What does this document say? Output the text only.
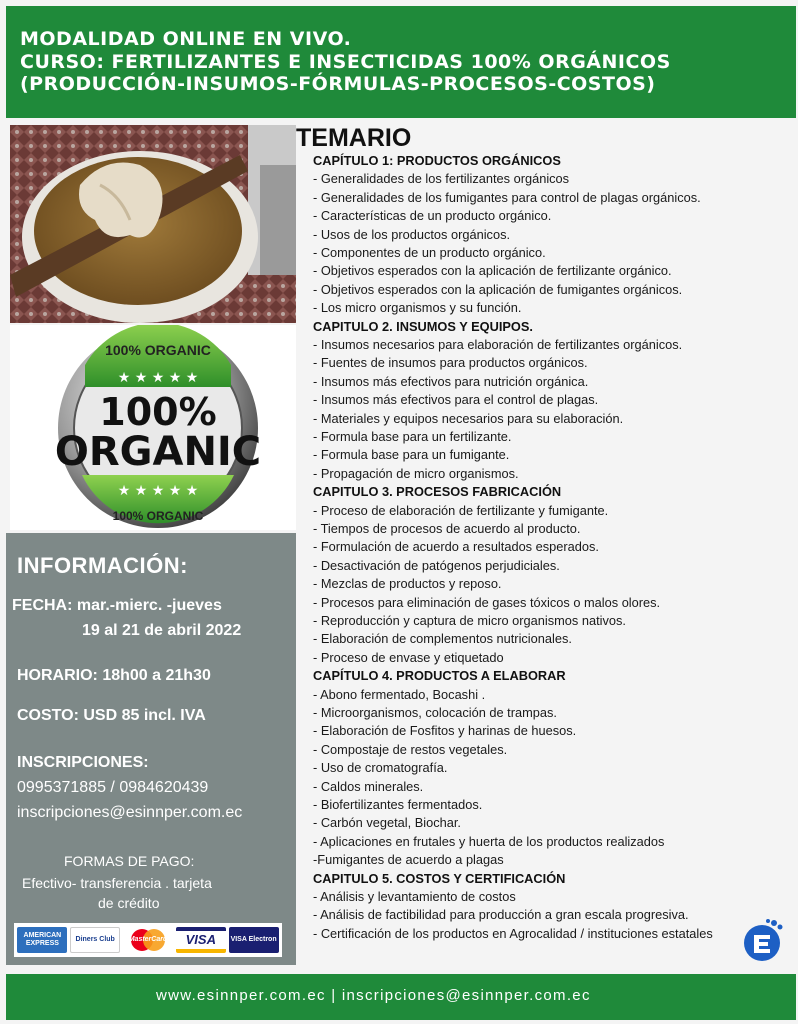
MODALIDAD ONLINE EN VIVO.
CURSO: FERTILIZANTES E INSECTICIDAS 100% ORGÁNICOS
(PRODUCCIÓN-INSUMOS-FÓRMULAS-PROCESOS-COSTOS)
100% ORGANIC
★ ★ ★ ★ ★
100%
ORGANIC
★ ★ ★ ★ ★
100% ORGANIC
TEMARIO
CAPÍTULO 1: PRODUCTOS ORGÁNICOS
- Generalidades de los fertilizantes orgánicos
- Generalidades de los fumigantes para control de plagas orgánicos.
- Características de un producto orgánico.
- Usos de los productos orgánicos.
- Componentes de un producto orgánico.
- Objetivos esperados con la aplicación de fertilizante orgánico.
- Objetivos esperados con la aplicación de fumigantes orgánicos.
- Los micro organismos y su función.
CAPITULO 2. INSUMOS Y EQUIPOS.
- Insumos necesarios para elaboración de fertilizantes orgánicos.
- Fuentes de insumos para productos orgánicos.
- Insumos más efectivos para nutrición orgánica.
- Insumos más efectivos para el control de plagas.
- Materiales y equipos necesarios para su elaboración.
- Formula base para un fertilizante.
- Formula base para un fumigante.
- Propagación de micro organismos.
CAPITULO 3. PROCESOS FABRICACIÓN
- Proceso de elaboración de fertilizante y fumigante.
- Tiempos de procesos de acuerdo al producto.
- Formulación de acuerdo a resultados esperados.
- Desactivación de patógenos perjudiciales.
- Mezclas de productos y reposo.
- Procesos para eliminación de gases tóxicos o malos olores.
- Reproducción y captura de micro organismos nativos.
- Elaboración de complementos nutricionales.
- Proceso de envase y etiquetado
CAPÍTULO 4. PRODUCTOS A ELABORAR
- Abono fermentado, Bocashi .
- Microorganismos, colocación de trampas.
- Elaboración de Fosfitos y harinas de huesos.
- Compostaje de restos vegetales.
- Uso de cromatografía.
- Caldos minerales.
- Biofertilizantes fermentados.
- Carbón vegetal, Biochar.
- Aplicaciones en frutales y huerta de los productos realizados
-Fumigantes de acuerdo a plagas
CAPITULO 5. COSTOS Y CERTIFICACIÓN
- Análisis y levantamiento de costos
- Análisis de factibilidad para producción a gran escala progresiva.
- Certificación de los productos en Agrocalidad / instituciones estatales
INFORMACIÓN:
FECHA: mar.-mierc. -jueves
19 al 21 de abril 2022
HORARIO: 18h00 a 21h30
COSTO: USD 85 incl. IVA
INSCRIPCIONES:
0995371885 / 0984620439
inscripciones@esinnper.com.ec
FORMAS DE PAGO:
Efectivo- transferencia . tarjeta
de crédito
AMERICAN EXPRESS
Diners Club	MasterCard	VISA	VISA Electron
www.esinnper.com.ec | inscripciones@esinnper.com.ec
